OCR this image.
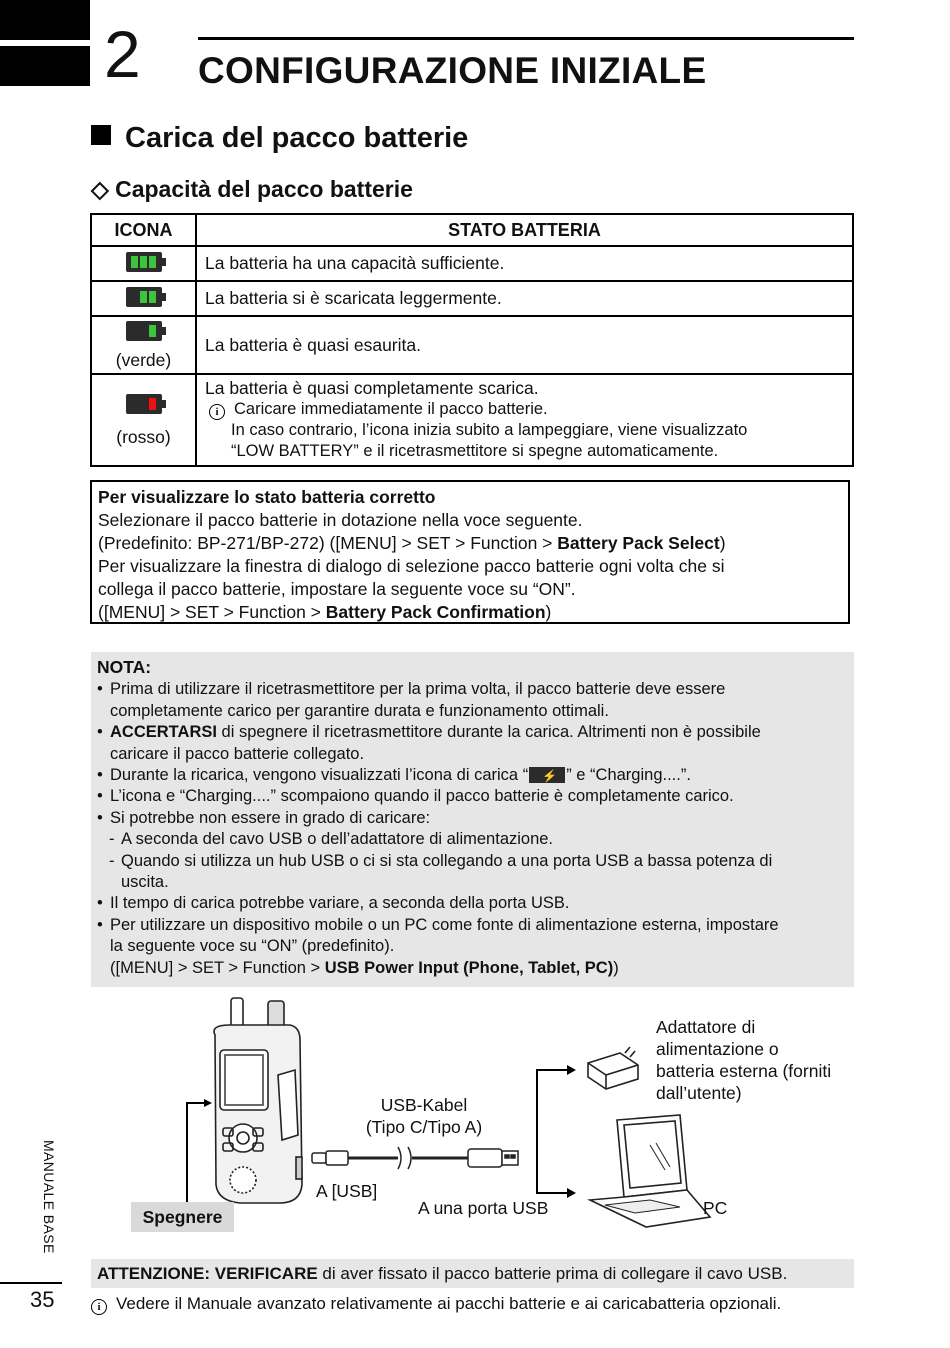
2 CONFIGURAZIONE INIZIALE
Carica del pacco batterie
◇ Capacità del pacco batterie
ICONA	STATO BATTERIA

	La batteria ha una capacità sufficiente.

	La batteria si è scaricata leggermente.

(verde)	La batteria è quasi esaurita.

(rosso)	La batteria è quasi completamente scarica.
i Caricare immediatamente il pacco batterie.
In caso contrario, l’icona inizia subito a lampeggiare, viene visualizzato
“LOW BATTERY” e il ricetrasmettitore si spegne automaticamente.
Per visualizzare lo stato batteria corretto
Selezionare il pacco batterie in dotazione nella voce seguente.
(Predefinito: BP-271/BP-272) ([MENU] > SET > Function > Battery Pack Select)
Per visualizzare la finestra di dialogo di selezione pacco batterie ogni volta che si
collega il pacco batterie, impostare la seguente voce su “ON”.
([MENU] > SET > Function > Battery Pack Confirmation)
NOTA:
• Prima di utilizzare il ricetrasmettitore per la prima volta, il pacco batterie deve essere
completamente carico per garantire durata e funzionamento ottimali.
• ACCERTARSI di spegnere il ricetrasmettitore durante la carica. Altrimenti non è possibile
caricare il pacco batterie collegato.
• Durante la ricarica, vengono visualizzati l’icona di carica “ ⚡ ” e “Charging....”.
• L’icona e “Charging....” scompaiono quando il pacco batterie è completamente carico.
• Si potrebbe non essere in grado di caricare:
- A seconda del cavo USB o dell’adattatore di alimentazione.
- Quando si utilizza un hub USB o ci si sta collegando a una porta USB a bassa potenza di
uscita.
• Il tempo di carica potrebbe variare, a seconda della porta USB.
• Per utilizzare un dispositivo mobile o un PC come fonte di alimentazione esterna, impostare
la seguente voce su “ON” (predefinito).
([MENU] > SET > Function > USB Power Input (Phone, Tablet, PC))
Adattatore di
alimentazione o
batteria esterna (forniti
dall’utente)
USB-Kabel
(Tipo C/Tipo A)
A [USB]
A una porta USB	PC
Spegnere
ATTENZIONE: VERIFICARE di aver fissato il pacco batterie prima di collegare il cavo USB.
i Vedere il Manuale avanzato relativamente ai pacchi batterie e ai caricabatteria opzionali.
MANUALE BASE
35
